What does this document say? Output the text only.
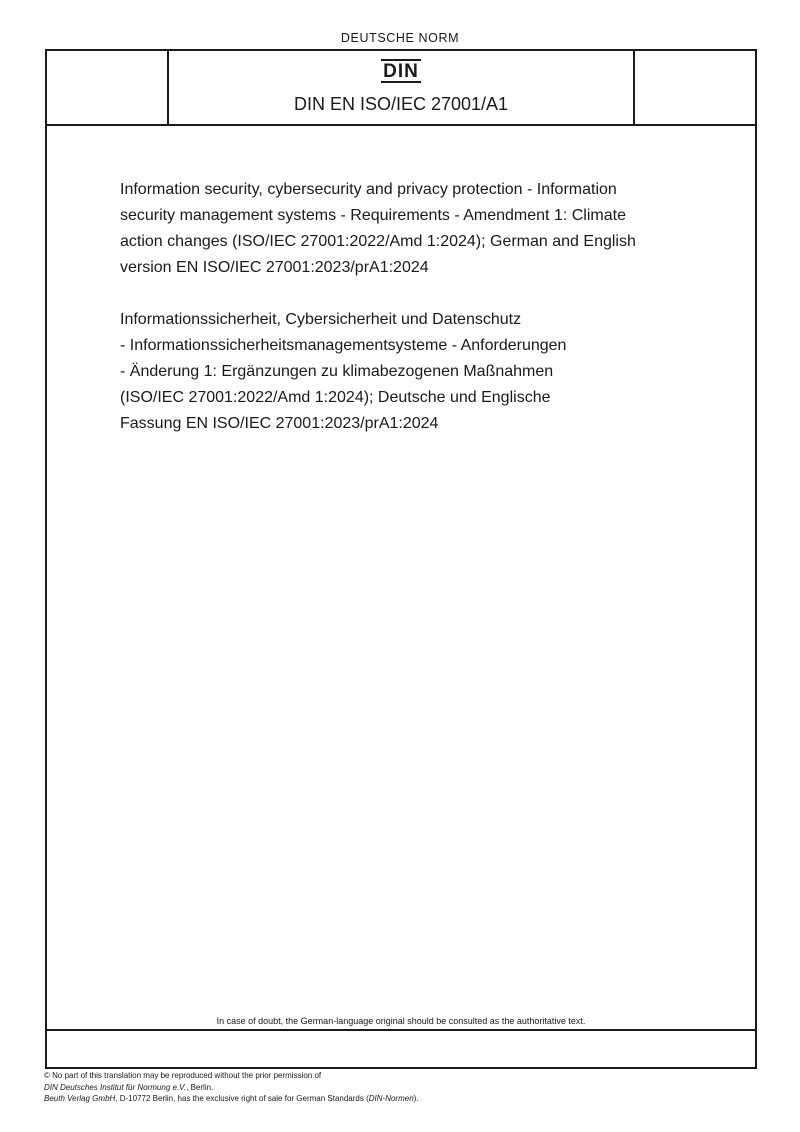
DEUTSCHE NORM
DIN
DIN EN ISO/IEC 27001/A1
Information security, cybersecurity and privacy protection - Information
security management systems - Requirements - Amendment 1: Climate
action changes (ISO/IEC 27001:2022/Amd 1:2024); German and English
version EN ISO/IEC 27001:2023/prA1:2024
Informationssicherheit, Cybersicherheit und Datenschutz
- Informationssicherheitsmanagementsysteme - Anforderungen
- Änderung 1: Ergänzungen zu klimabezogenen Maßnahmen
(ISO/IEC 27001:2022/Amd 1:2024); Deutsche und Englische
Fassung EN ISO/IEC 27001:2023/prA1:2024
In case of doubt, the German-language original should be consulted as the authoritative text.
© No part of this translation may be reproduced without the prior permission of
DIN Deutsches Institut für Normung e.V., Berlin.
Beuth Verlag GmbH, D-10772 Berlin, has the exclusive right of sale for German Standards (DIN-Normen).
